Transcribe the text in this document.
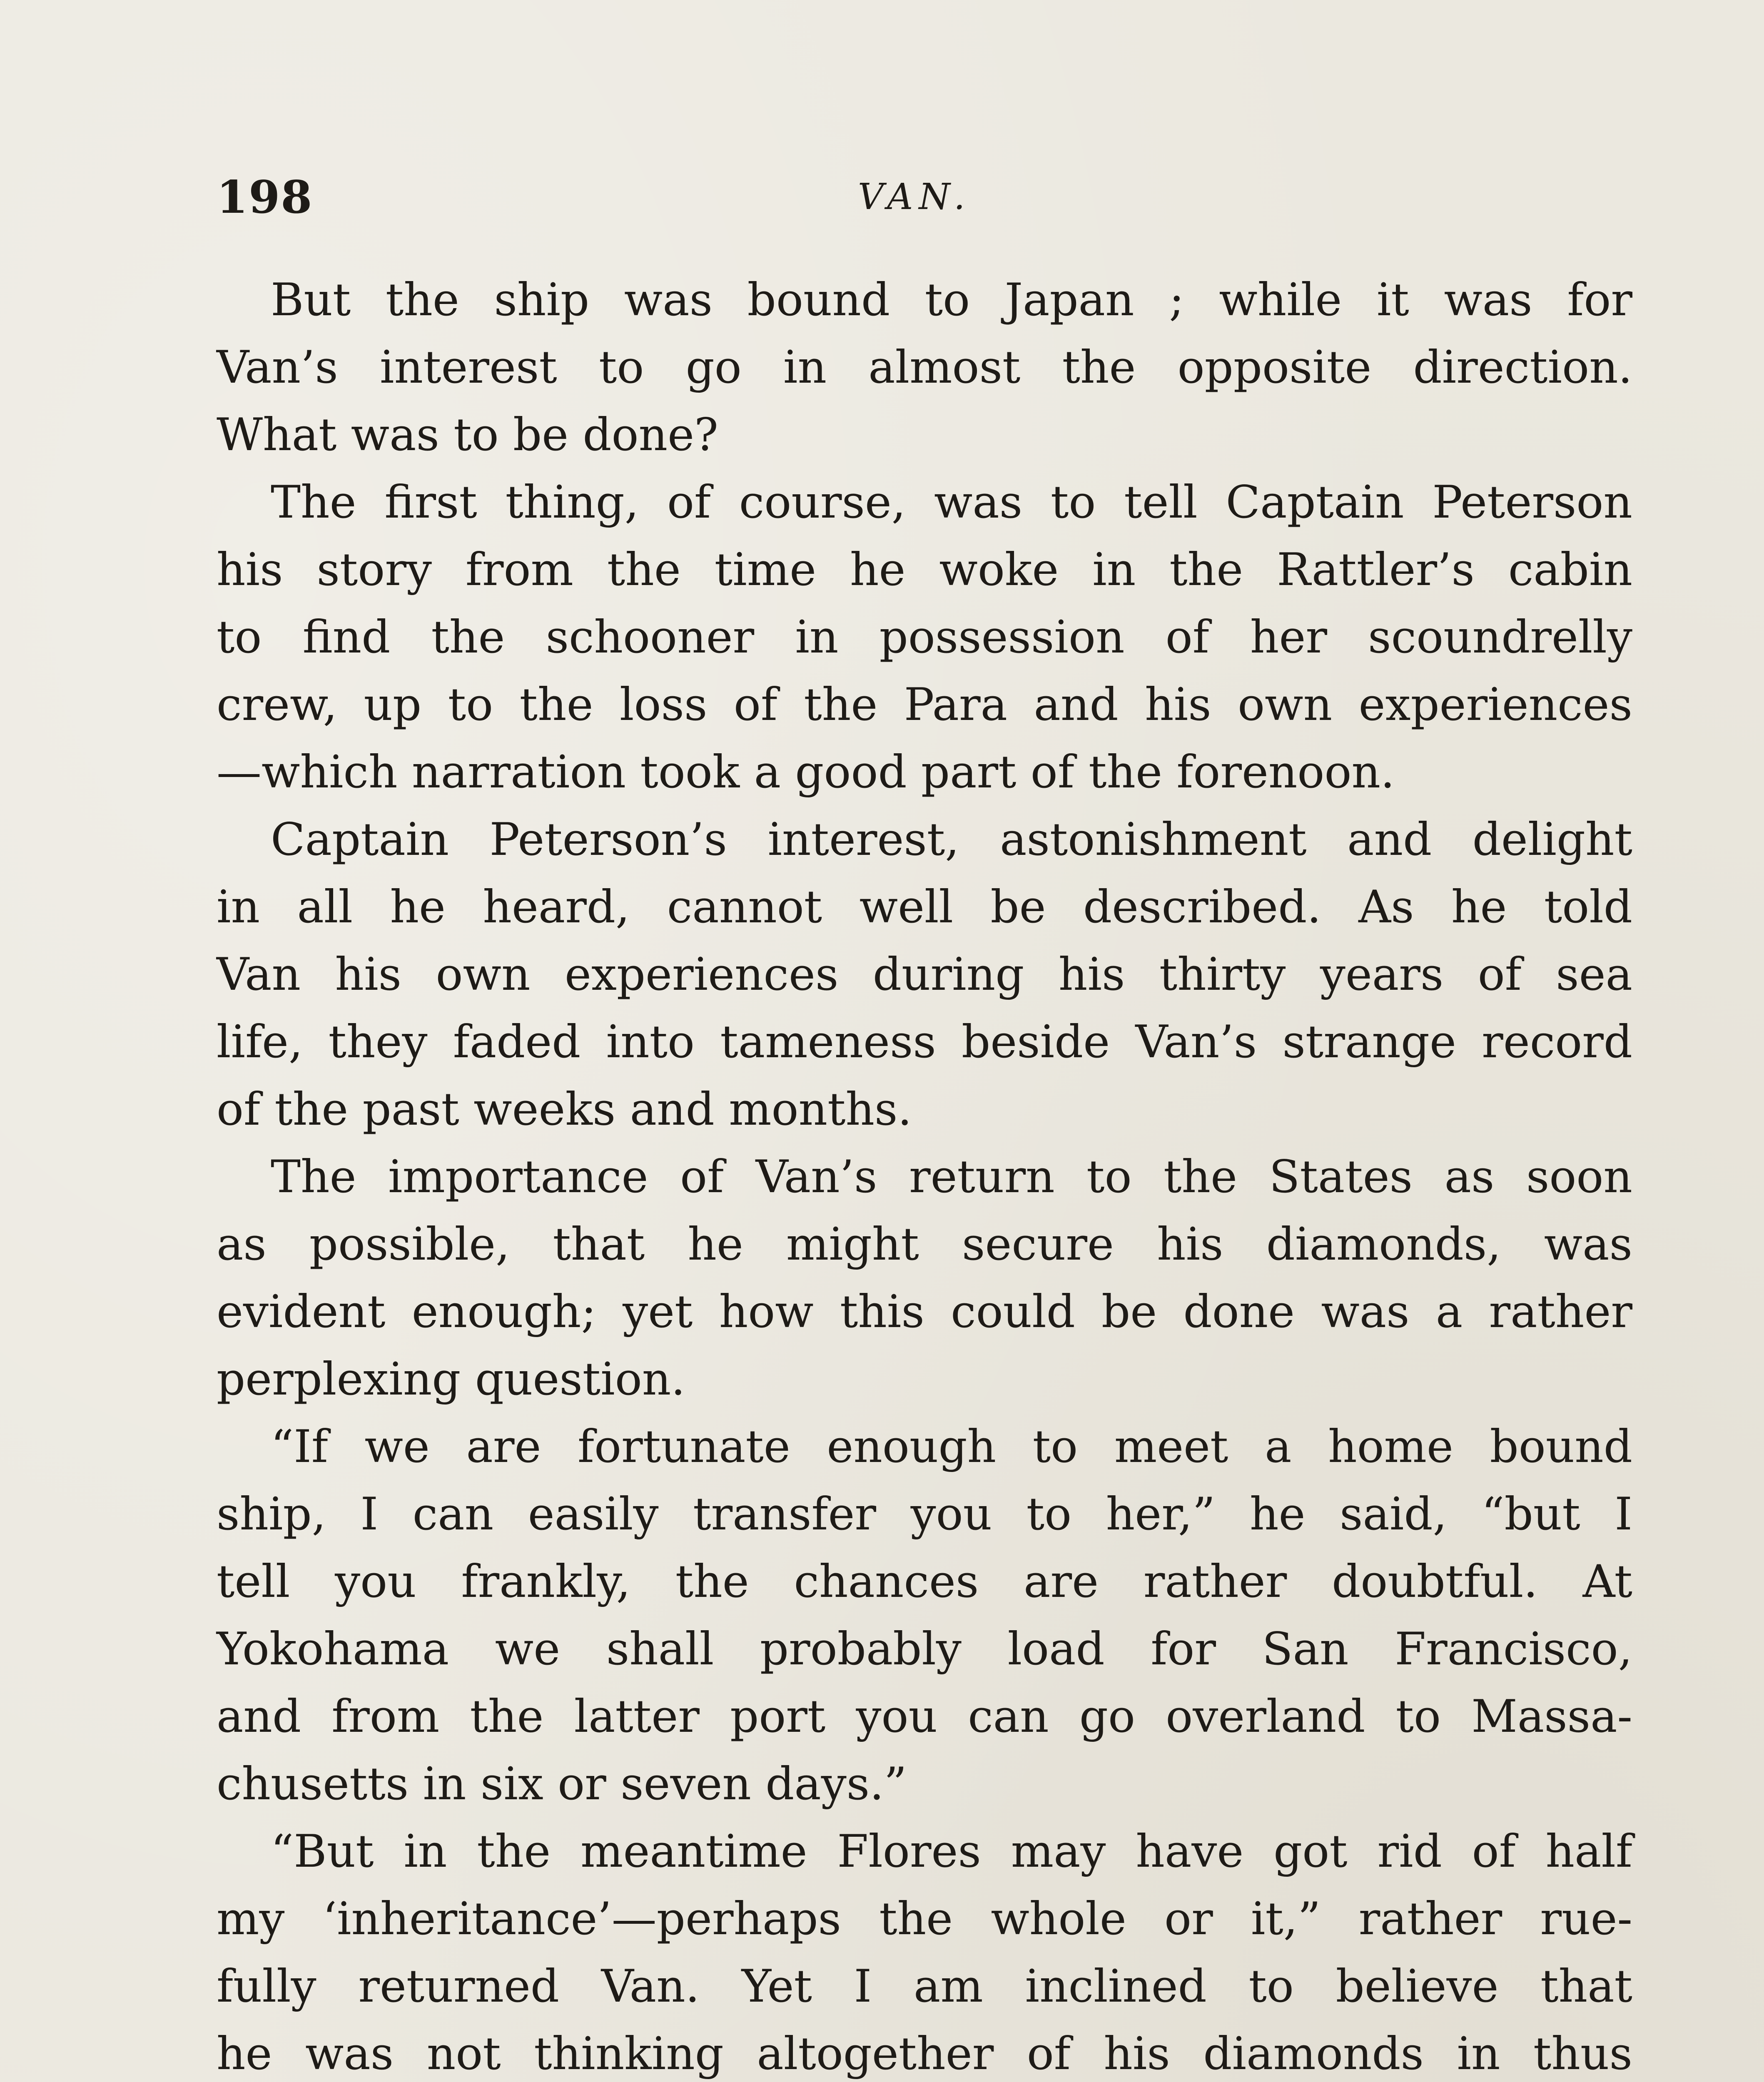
198	VAN.

But the ship was bound to Japan ; while it was for
Van’s interest to go in almost the opposite direction.
What was to be done?

The first thing, of course, was to tell Captain Peterson
his story from the time he woke in the Rattler’s cabin
to find the schooner in possession of her scoundrelly
crew, up to the loss of the Para and his own experiences
—which narration took a good part of the forenoon.

Captain Peterson’s interest, astonishment and delight
in all he heard, cannot well be described. As he told
Van his own experiences during his thirty years of sea
life, they faded into tameness beside Van’s strange record
of the past weeks and months.

The importance of Van’s return to the States as soon
as possible, that he might secure his diamonds, was
evident enough; yet how this could be done was a rather
perplexing question.

“If we are fortunate enough to meet a home bound
ship, I can easily transfer you to her,” he said, “but I
tell you frankly, the chances are rather doubtful. At
Yokohama we shall probably load for San Francisco,
and from the latter port you can go overland to Massa-
chusetts in six or seven days.”

“But in the meantime Flores may have got rid of half
my ‘inheritance’—perhaps the whole or it,” rather rue-
fully returned Van. Yet I am inclined to believe that
he was not thinking altogether of his diamonds in thus
